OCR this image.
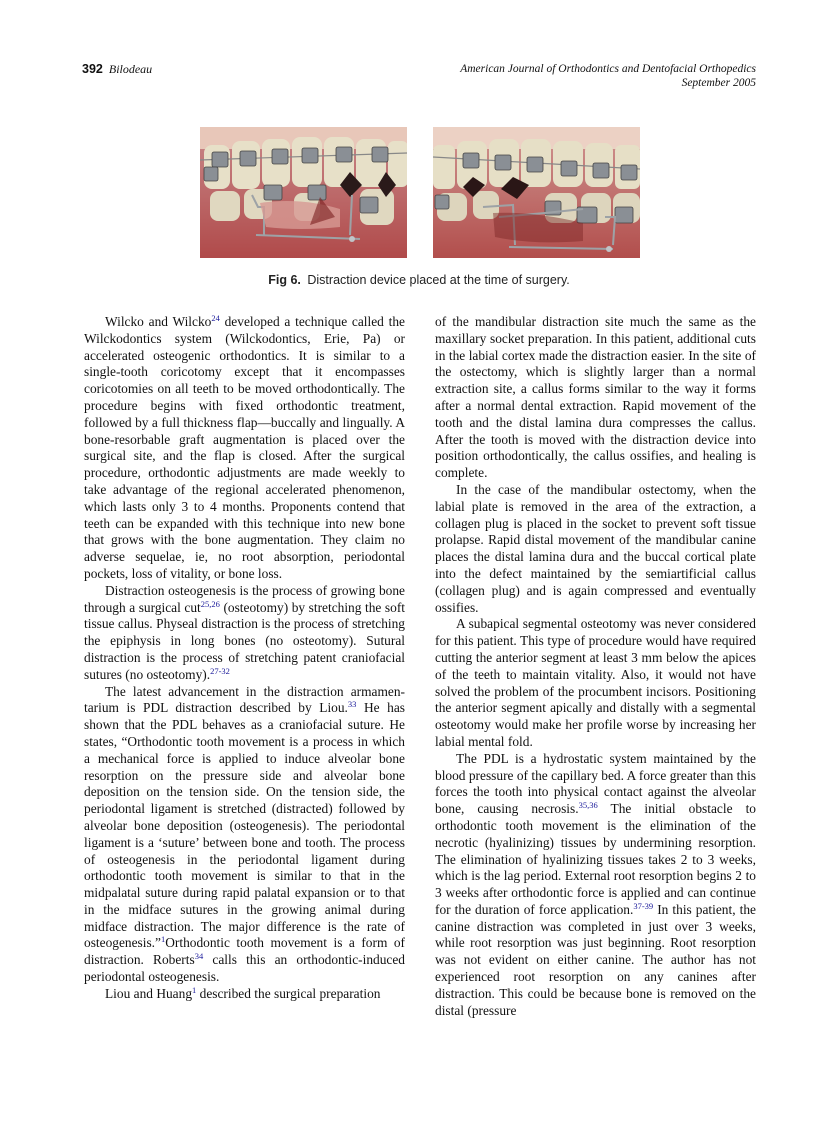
392 Bilodeau	American Journal of Orthodontics and Dentofacial Orthopedics
September 2005
Fig 6. Distraction device placed at the time of surgery.

Wilcko and Wilcko$^{24}$ developed a technique called the Wilckodontics system (Wilckodontics, Erie, Pa) or accelerated osteogenic orthodontics. It is similar to a single-tooth coricotomy except that it encompasses coricotomies on all teeth to be moved orthodontically. The procedure begins with fixed orthodontic treatment, followed by a full thickness flap—buccally and lingually. A bone-resorbable graft augmentation is placed over the surgical site, and the flap is closed. After the surgical procedure, orthodontic adjustments are made weekly to take advantage of the regional accelerated phenomenon, which lasts only 3 to 4 months. Proponents contend that teeth can be expanded with this technique into new bone that grows with the bone augmentation. They claim no adverse sequelae, ie, no root absorption, periodontal pockets, loss of vitality, or bone loss.

Distraction osteogenesis is the process of growing bone through a surgical cut$^{25,26}$ (osteotomy) by stretching the soft tissue callus. Physeal distraction is the process of stretching the epiphysis in long bones (no osteotomy). Sutural distraction is the process of stretching patent craniofacial sutures (no osteotomy).$^{27-32}$

The latest advancement in the distraction armamentarium is PDL distraction described by Liou.$^{33}$ He has shown that the PDL behaves as a craniofacial suture. He states, “Orthodontic tooth movement is a process in which a mechanical force is applied to induce alveolar bone resorption on the pressure side and alveolar bone deposition on the tension side. On the tension side, the periodontal ligament is stretched (distracted) followed by alveolar bone deposition (osteogenesis). The periodontal ligament is a ‘suture’ between bone and tooth. The process of osteogenesis in the periodontal ligament during orthodontic tooth movement is similar to that in the midpalatal suture during rapid palatal expansion or to that in the midface sutures in the growing animal during midface distraction. The major difference is the rate of osteogenesis.”$^1$Orthodontic tooth movement is a form of distraction. Roberts$^{34}$ calls this an orthodontic-induced periodontal osteogenesis.

Liou and Huang$^1$ described the surgical preparation

of the mandibular distraction site much the same as the maxillary socket preparation. In this patient, additional cuts in the labial cortex made the distraction easier. In the site of the ostectomy, which is slightly larger than a normal extraction site, a callus forms similar to the way it forms after a normal dental extraction. Rapid movement of the tooth and the distal lamina dura compresses the callus. After the tooth is moved with the distraction device into position orthodontically, the callus ossifies, and healing is complete.

In the case of the mandibular ostectomy, when the labial plate is removed in the area of the extraction, a collagen plug is placed in the socket to prevent soft tissue prolapse. Rapid distal movement of the mandibular canine places the distal lamina dura and the buccal cortical plate into the defect maintained by the semiartificial callus (collagen plug) and is again compressed and eventually ossifies.

A subapical segmental osteotomy was never considered for this patient. This type of procedure would have required cutting the anterior segment at least 3 mm below the apices of the teeth to maintain vitality. Also, it would not have solved the problem of the procumbent incisors. Positioning the anterior segment apically and distally with a segmental osteotomy would make her profile worse by increasing her labial mental fold.

The PDL is a hydrostatic system maintained by the blood pressure of the capillary bed. A force greater than this forces the tooth into physical contact against the alveolar bone, causing necrosis.$^{35,36}$ The initial obstacle to orthodontic tooth movement is the elimination of the necrotic (hyalinizing) tissues by undermining resorption. The elimination of hyalinizing tissues takes 2 to 3 weeks, which is the lag period. External root resorption begins 2 to 3 weeks after orthodontic force is applied and can continue for the duration of force application.$^{37-39}$ In this patient, the canine distraction was completed in just over 3 weeks, while root resorption was just beginning. Root resorption was not evident on either canine. The author has not experienced root resorption on any canines after distraction. This could be because bone is removed on the distal (pressure
